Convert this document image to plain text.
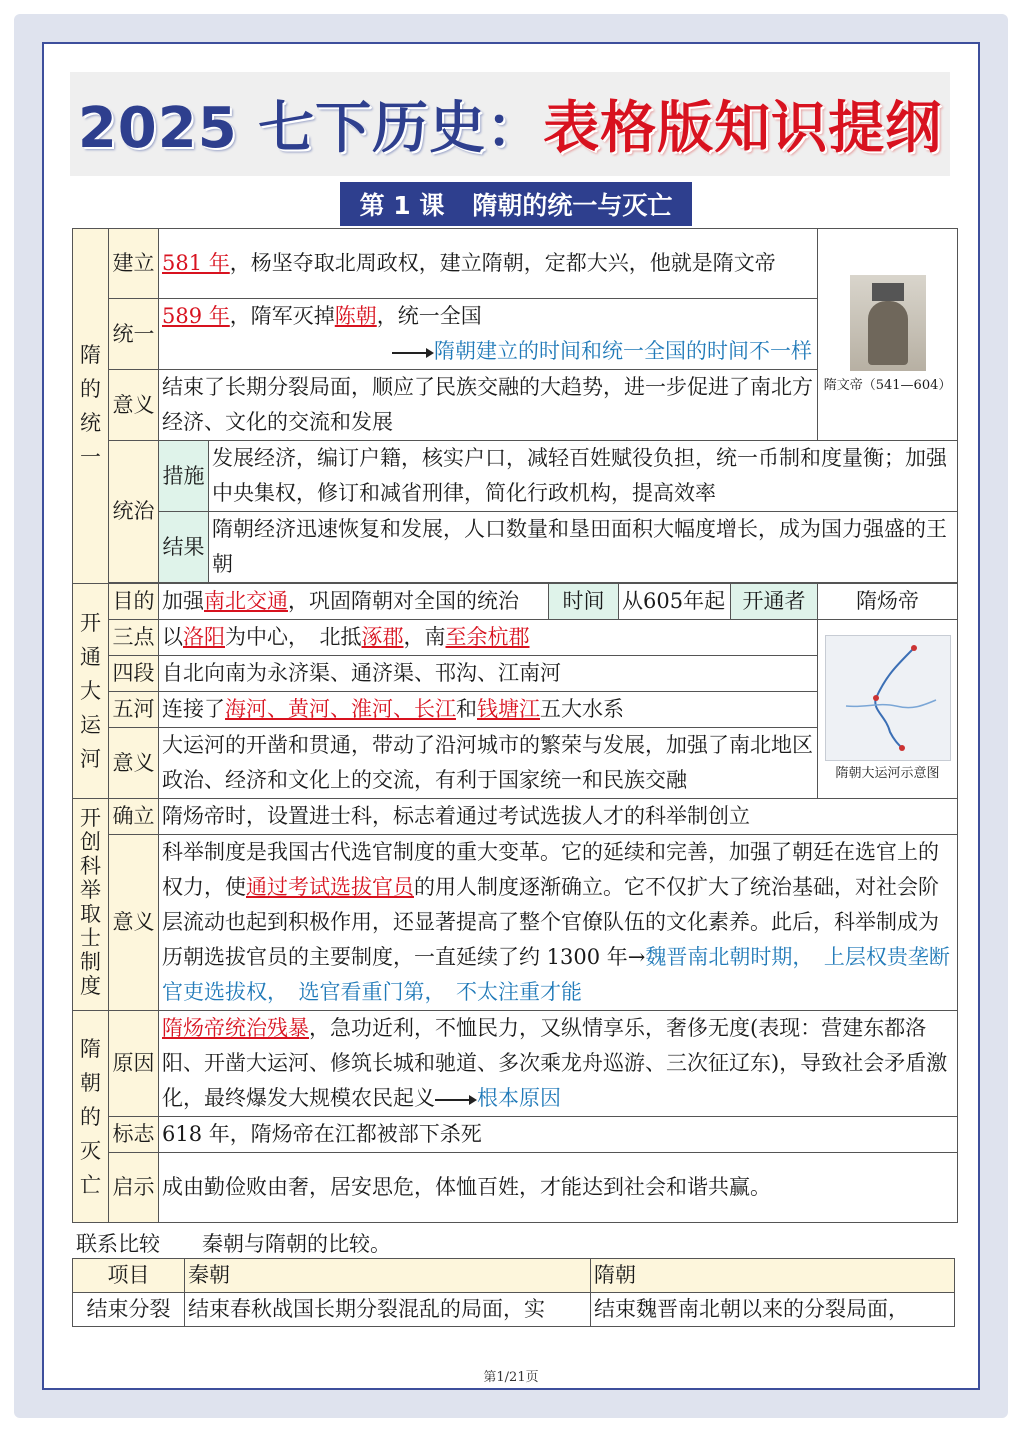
2025 七下历史： 表格版知识提纲
第 1 课 隋朝的统一与灭亡
隋的统一	建立	581 年，杨坚夺取北周政权，建立隋朝，定都大兴，他就是隋文帝					隋文帝（541—604）

	统一	589 年，隋军灭掉陈朝，统一全国
隋朝建立的时间和统一全国的时间不一样					
	意义	结束了长期分裂局面，顺应了民族交融的大趋势，进一步促进了南北方经济、文化的交流和发展					
	统治	措施	发展经济，编订户籍，核实户口，减轻百姓赋役负担，统一币制和度量衡；加强中央集权，修订和减省刑律，简化行政机构，提高效率				
		结果	隋朝经济迅速恢复和发展，人口数量和垦田面积大幅度增长，成为国力强盛的王朝				

开通大运河	目的	加强南北交通，巩固隋朝对全国的统治		时间	从605年起	开通者	隋炀帝
	三点	以洛阳为中心，　北抵涿郡，南至余杭郡					隋朝大运河示意图

	四段	自北向南为永济渠、通济渠、邗沟、江南河					
	五河	连接了海河、黄河、淮河、长江和钱塘江五大水系					
	意义	大运河的开凿和贯通，带动了沿河城市的繁荣与发展，加强了南北地区政治、经济和文化上的交流，有利于国家统一和民族交融					
开创科举取士制度	确立	隋炀帝时，设置进士科，标志着通过考试选拔人才的科举制创立					
	意义	科举制度是我国古代选官制度的重大变革。它的延续和完善，加强了朝廷在选官上的权力，使通过考试选拔官员的用人制度逐渐确立。它不仅扩大了统治基础，对社会阶层流动也起到积极作用，还显著提高了整个官僚队伍的文化素养。此后，科举制成为历朝选拔官员的主要制度，一直延续了约 1300 年→魏晋南北朝时期，　上层权贵垄断官吏选拔权，　选官看重门第，　不太注重才能					
隋朝的灭亡	原因	隋炀帝统治残暴，急功近利，不恤民力，又纵情享乐，奢侈无度(表现：营建东都洛阳、开凿大运河、修筑长城和驰道、多次乘龙舟巡游、三次征辽东)，导致社会矛盾激化，最终爆发大规模农民起义 根本原因					
	标志	618 年，隋炀帝在江都被部下杀死					
	启示	成由勤俭败由奢，居安思危，体恤百姓，才能达到社会和谐共赢。					
联系比较　　秦朝与隋朝的比较。
项目	秦朝	隋朝
结束分裂	结束春秋战国长期分裂混乱的局面，实	结束魏晋南北朝以来的分裂局面，
第1/21页
